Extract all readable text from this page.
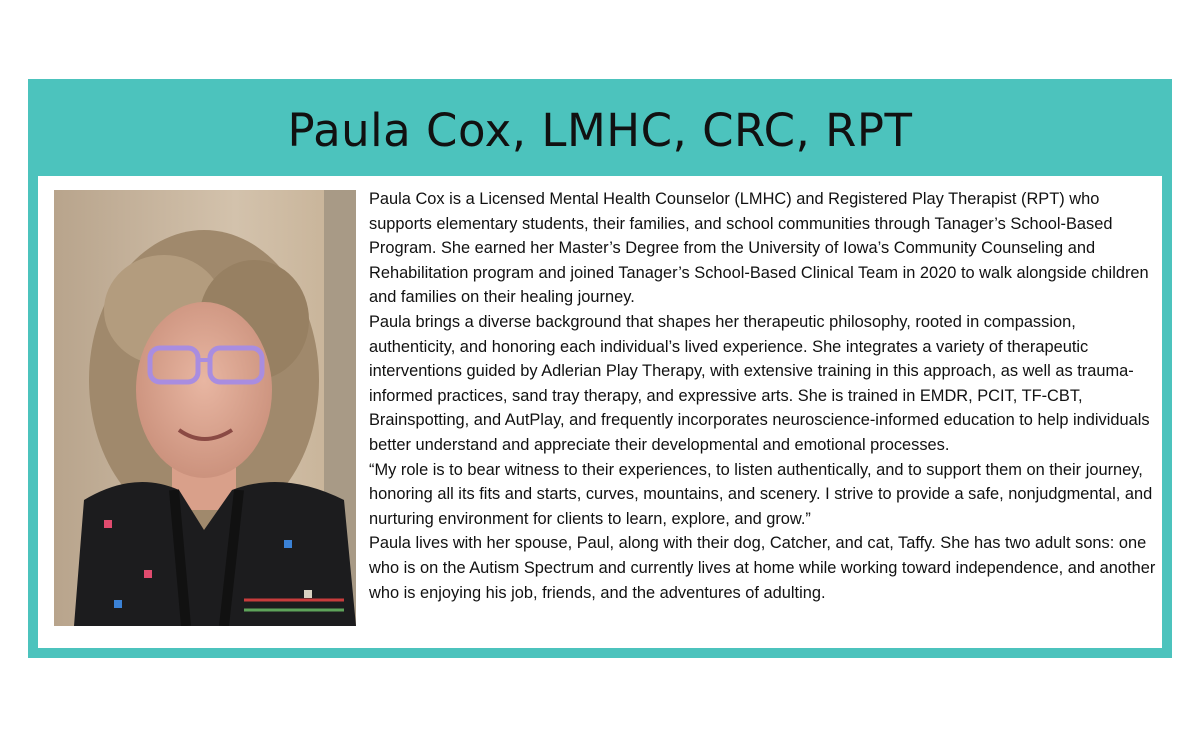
Paula Cox, LMHC, CRC, RPT

Paula Cox is a Licensed Mental Health Counselor (LMHC) and Registered Play Therapist (RPT) who supports elementary students, their families, and school communities through Tanager’s School-Based Program. She earned her Master’s Degree from the University of Iowa’s Community Counseling and Rehabilitation program and joined Tanager’s School-Based Clinical Team in 2020 to walk alongside children and families on their healing journey.

Paula brings a diverse background that shapes her therapeutic philosophy, rooted in compassion, authenticity, and honoring each individual’s lived experience. She integrates a variety of therapeutic interventions guided by Adlerian Play Therapy, with extensive training in this approach, as well as trauma-informed practices, sand tray therapy, and expressive arts. She is trained in EMDR, PCIT, TF-CBT, Brainspotting, and AutPlay, and frequently incorporates neuroscience-informed education to help individuals better understand and appreciate their developmental and emotional processes.

“My role is to bear witness to their experiences, to listen authentically, and to support them on their journey, honoring all its fits and starts, curves, mountains, and scenery. I strive to provide a safe, nonjudgmental, and nurturing environment for clients to learn, explore, and grow.”

Paula lives with her spouse, Paul, along with their dog, Catcher, and cat, Taffy. She has two adult sons: one who is on the Autism Spectrum and currently lives at home while working toward independence, and another who is enjoying his job, friends, and the adventures of adulting.
